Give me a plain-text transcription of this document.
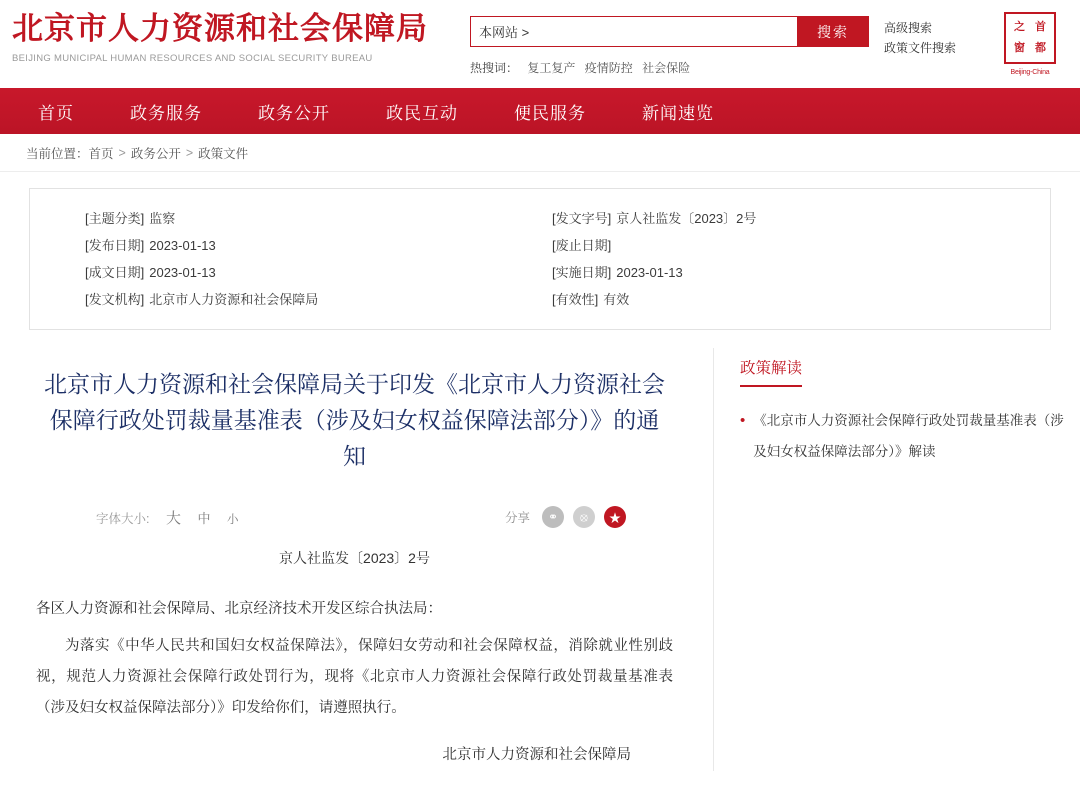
北京市人力资源和社会保障局
BEIJING MUNICIPAL HUMAN RESOURCES AND SOCIAL SECURITY BUREAU
本网站 >
搜索
热搜词： 复工复产 疫情防控 社会保险
高级搜索
政策文件搜索
之 首
窗 都
Beijing-China
首页	政务服务	政务公开	政民互动	便民服务	新闻速览
当前位置： 首页 > 政务公开 > 政策文件
[主题分类] 监察
[发布日期] 2023-01-13
[成文日期] 2023-01-13
[发文机构] 北京市人力资源和社会保障局
[发文字号] 京人社监发〔2023〕2号
[废止日期]
[实施日期] 2023-01-13
[有效性] 有效
北京市人力资源和社会保障局关于印发《北京市人力资源社会保障行政处罚裁量基准表（涉及妇女权益保障法部分）》的通知
字体大小: 大 中 小	分享	⚭	⦻	★
京人社监发〔2023〕2号

各区人力资源和社会保障局、北京经济技术开发区综合执法局：

为落实《中华人民共和国妇女权益保障法》，保障妇女劳动和社会保障权益，消除就业性别歧视，规范人力资源社会保障行政处罚行为，现将《北京市人力资源社会保障行政处罚裁量基准表（涉及妇女权益保障法部分）》印发给你们，请遵照执行。

北京市人力资源和社会保障局
政策解读
• 《北京市人力资源社会保障行政处罚裁量基准表（涉及妇女权益保障法部分）》解读
